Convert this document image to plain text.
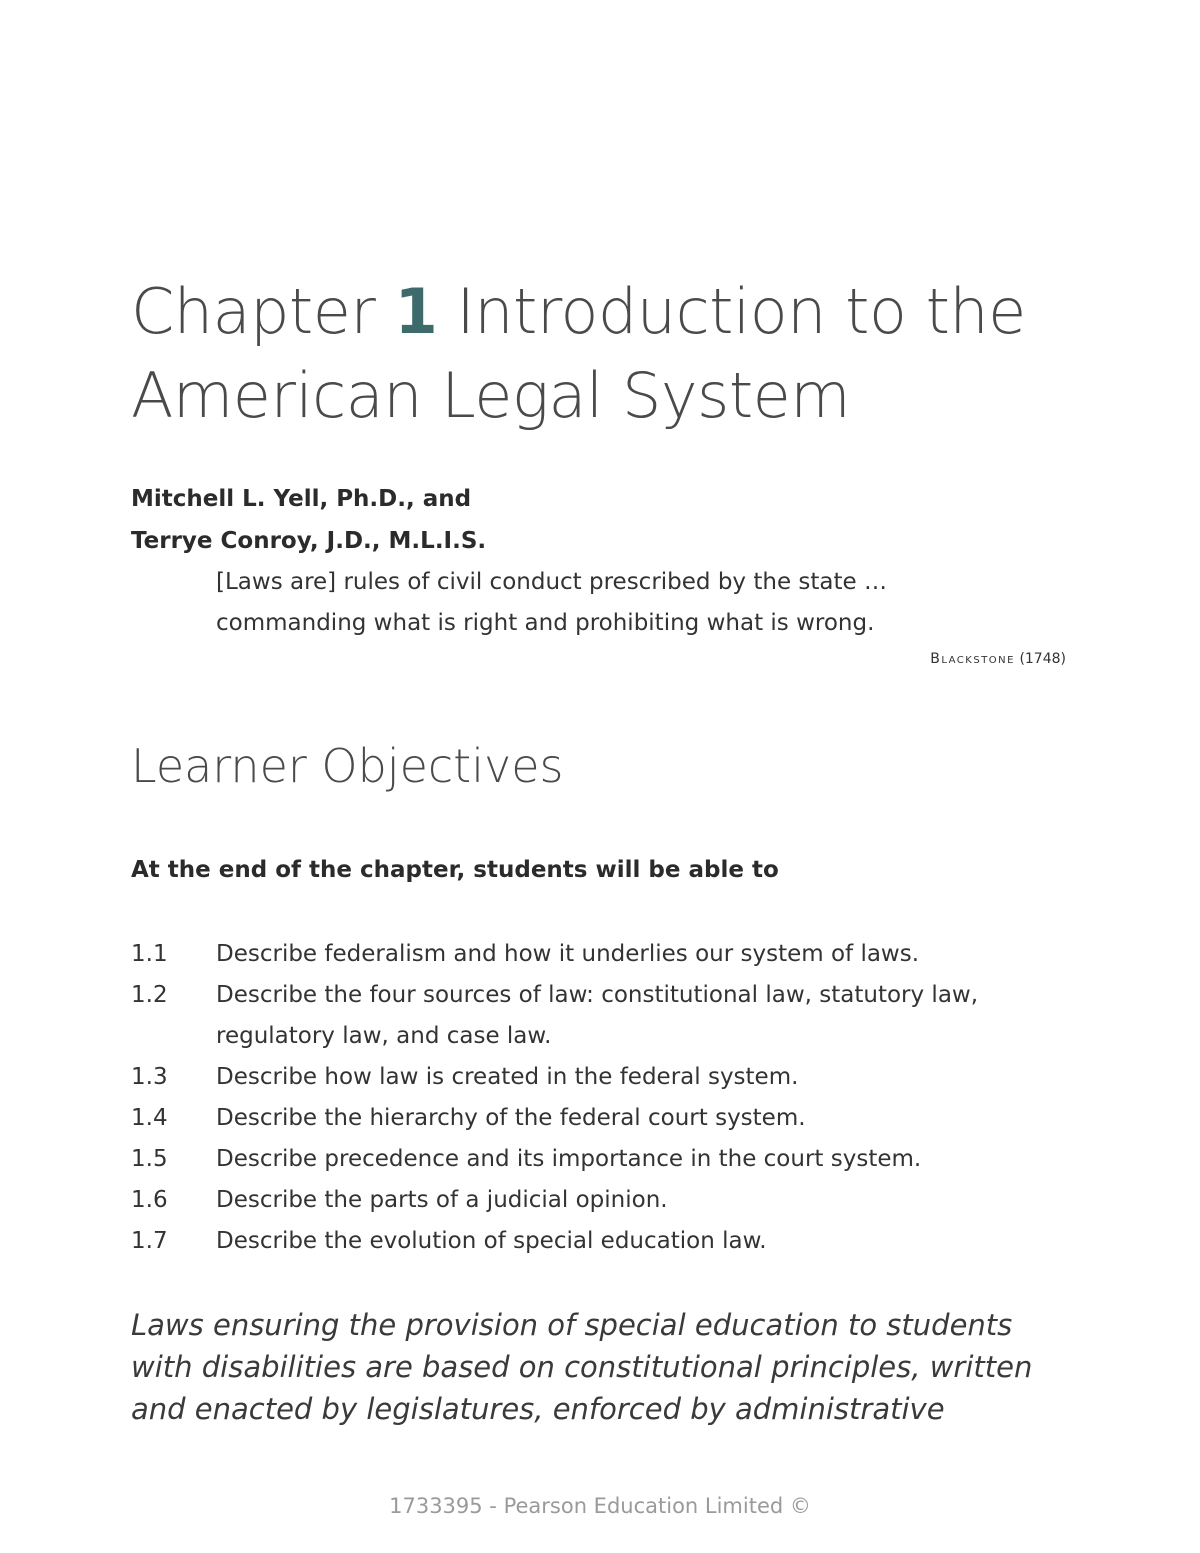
Chapter 1 Introduction to the
American Legal System
Mitchell L. Yell, Ph.D., and
Terrye Conroy, J.D., M.L.I.S.
[Laws are] rules of civil conduct prescribed by the state …
commanding what is right and prohibiting what is wrong.
Blackstone (1748)
Learner Objectives
At the end of the chapter, students will be able to
1.1	Describe federalism and how it underlies our system of laws.
1.2	Describe the four sources of law: constitutional law, statutory law, regulatory law, and case law.
1.3	Describe how law is created in the federal system.
1.4	Describe the hierarchy of the federal court system.
1.5	Describe precedence and its importance in the court system.
1.6	Describe the parts of a judicial opinion.
1.7	Describe the evolution of special education law.
Laws ensuring the provision of special education to students
with disabilities are based on constitutional principles, written
and enacted by legislatures, enforced by administrative
1733395 - Pearson Education Limited ©
